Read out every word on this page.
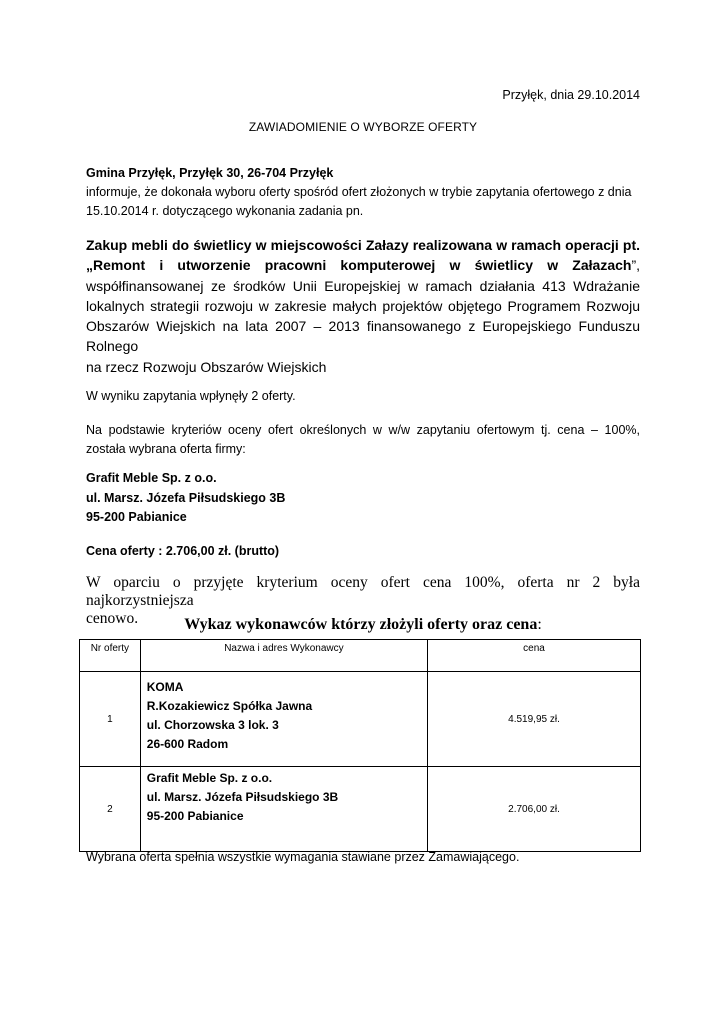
Przyłęk, dnia 29.10.2014
ZAWIADOMIENIE O WYBORZE OFERTY
Gmina Przyłęk, Przyłęk 30, 26-704 Przyłęk
informuje, że dokonała wyboru oferty spośród ofert złożonych w trybie zapytania ofertowego z dnia
15.10.2014 r. dotyczącego wykonania zadania pn.
Zakup mebli do świetlicy w miejscowości Załazy realizowana w ramach operacji pt.
„Remont i utworzenie pracowni komputerowej w świetlicy w Załazach”,
współfinansowanej ze środków Unii Europejskiej w ramach działania 413 Wdrażanie
lokalnych strategii rozwoju w zakresie małych projektów objętego Programem Rozwoju
Obszarów Wiejskich na lata 2007 – 2013 finansowanego z Europejskiego Funduszu Rolnego
na rzecz Rozwoju Obszarów Wiejskich
W wyniku zapytania wpłynęły 2 oferty.
Na podstawie kryteriów oceny ofert określonych w w/w zapytaniu ofertowym tj. cena – 100%,
została wybrana oferta firmy:
Grafit Meble Sp. z o.o.
ul. Marsz. Józefa Piłsudskiego 3B
95-200 Pabianice
Cena oferty : 2.706,00 zł. (brutto)
W oparciu o przyjęte kryterium oceny ofert cena 100%, oferta nr 2 była najkorzystniejsza
cenowo.	Wykaz wykonawców którzy złożyli oferty oraz cena:
Nr oferty	Nazwa i adres Wykonawcy	cena
1	KOMA
R.Kozakiewicz Spółka Jawna
ul. Chorzowska 3 lok. 3
26-600 Radom	4.519,95 zł.
2	Grafit Meble Sp. z o.o.
ul. Marsz. Józefa Piłsudskiego 3B
95-200 Pabianice	2.706,00 zł.
Wybrana oferta spełnia wszystkie wymagania stawiane przez Zamawiającego.
